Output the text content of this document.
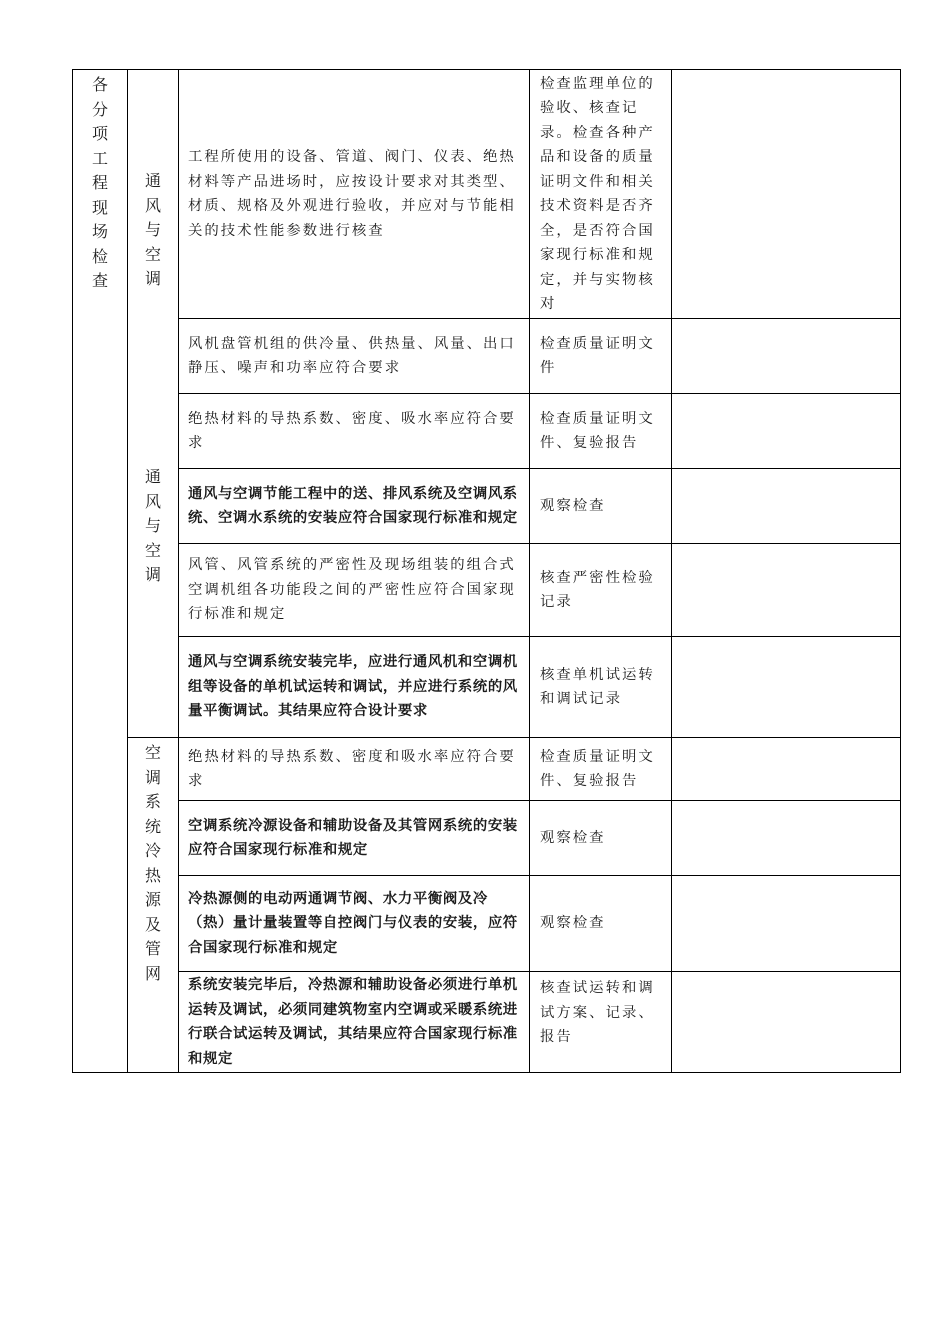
各
分
项
工
程
现
场
检
查
通
风
与
空
调
通
风
与
空
调
空
调
系
统
冷
热
源
及
管
网
工程所使用的设备、管道、阀门、仪表、绝热材料等产品进场时，应按设计要求对其类型、材质、规格及外观进行验收，并应对与节能相关的技术性能参数进行核查
检查监理单位的验收、核查记录。检查各种产品和设备的质量证明文件和相关技术资料是否齐全，是否符合国家现行标准和规定，并与实物核对
风机盘管机组的供冷量、供热量、风量、出口静压、噪声和功率应符合要求
检查质量证明文件
绝热材料的导热系数、密度、吸水率应符合要求
检查质量证明文件、复验报告
通风与空调节能工程中的送、排风系统及空调风系统、空调水系统的安装应符合国家现行标准和规定
观察检查
风管、风管系统的严密性及现场组装的组合式空调机组各功能段之间的严密性应符合国家现行标准和规定
核查严密性检验记录
通风与空调系统安装完毕，应进行通风机和空调机组等设备的单机试运转和调试，并应进行系统的风量平衡调试。其结果应符合设计要求
核查单机试运转和调试记录
绝热材料的导热系数、密度和吸水率应符合要求
检查质量证明文件、复验报告
空调系统冷源设备和辅助设备及其管网系统的安装应符合国家现行标准和规定
观察检查
冷热源侧的电动两通调节阀、水力平衡阀及冷（热）量计量装置等自控阀门与仪表的安装，应符合国家现行标准和规定
观察检查
系统安装完毕后，冷热源和辅助设备必须进行单机运转及调试，必须同建筑物室内空调或采暖系统进行联合试运转及调试，其结果应符合国家现行标准和规定
核查试运转和调试方案、记录、报告
